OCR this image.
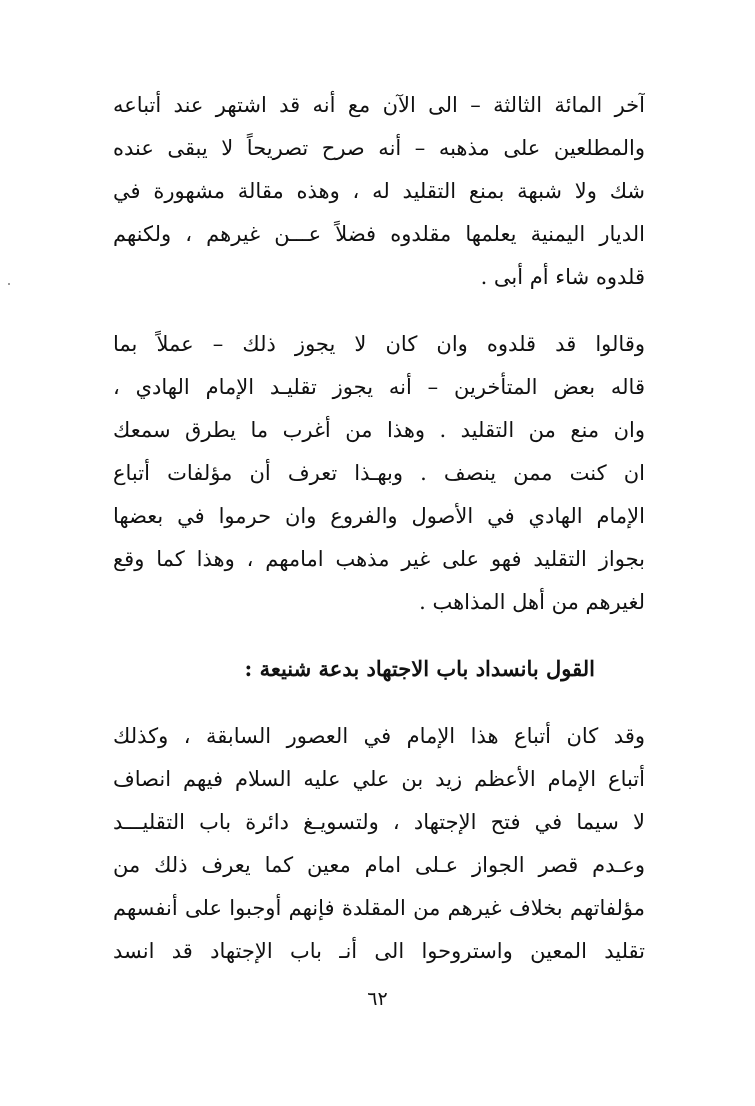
آخر المائة الثالثة – الى الآن مع أنه قد اشتهر عند أتباعه
والمطلعين على مذهبه – أنه صرح تصريحاً لا يبقى عنده
شك ولا شبهة بمنع التقليد له ، وهذه مقالة مشهورة في
الديار اليمنية يعلمها مقلدوه فضلاً عـــن غيرهم ، ولكنهم
قلدوه شاء أم أبى .
وقالوا قد قلدوه وان كان لا يجوز ذلك – عملاً بما
قاله بعض المتأخرين – أنه يجوز تقليـد الإمام الهادي ،
وان منع من التقليد . وهذا من أغرب ما يطرق سمعك
ان كنت ممن ينصف . وبهـذا تعرف أن مؤلفات أتباع
الإمام الهادي في الأصول والفروع وان حرموا في بعضها
بجواز التقليد فهو على غير مذهب امامهم ، وهذا كما وقع
لغيرهم من أهل المذاهب .
القول بانسداد باب الاجتهاد بدعة شنيعة :
وقد كان أتباع هذا الإمام في العصور السابقة ، وكذلك
أتباع الإمام الأعظم زيد بن علي عليه السلام فيهم انصاف
لا سيما في فتح الإجتهاد ، ولتسويـغ دائرة باب التقليـــد
وعـدم قصر الجواز عـلى امام معين كما يعرف ذلك من
مؤلفاتهم بخلاف غيرهم من المقلدة فإنهم أوجبوا على أنفسهم
تقليد المعين واستروحوا الى أنـ باب الإجتهاد قد انسد
٦٢
